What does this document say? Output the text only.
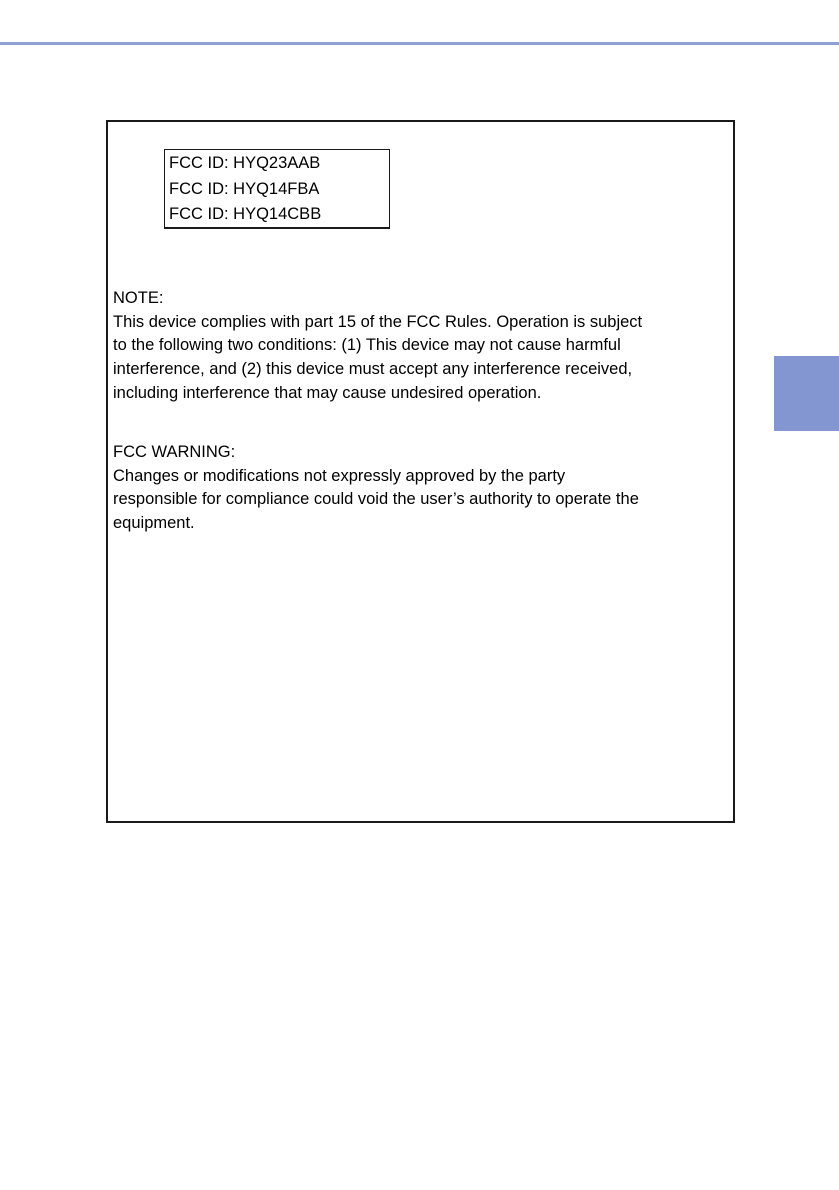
FCC ID: HYQ23AAB

FCC ID: HYQ14FBA

FCC ID: HYQ14CBB

NOTE:

This device complies with part 15 of the FCC Rules. Operation is subject

to the following two conditions: (1) This device may not cause harmful

interference, and (2) this device must accept any interference received,

including interference that may cause undesired operation.

FCC WARNING:

Changes or modifications not expressly approved by the party

responsible for compliance could void the user’s authority to operate the

equipment.
